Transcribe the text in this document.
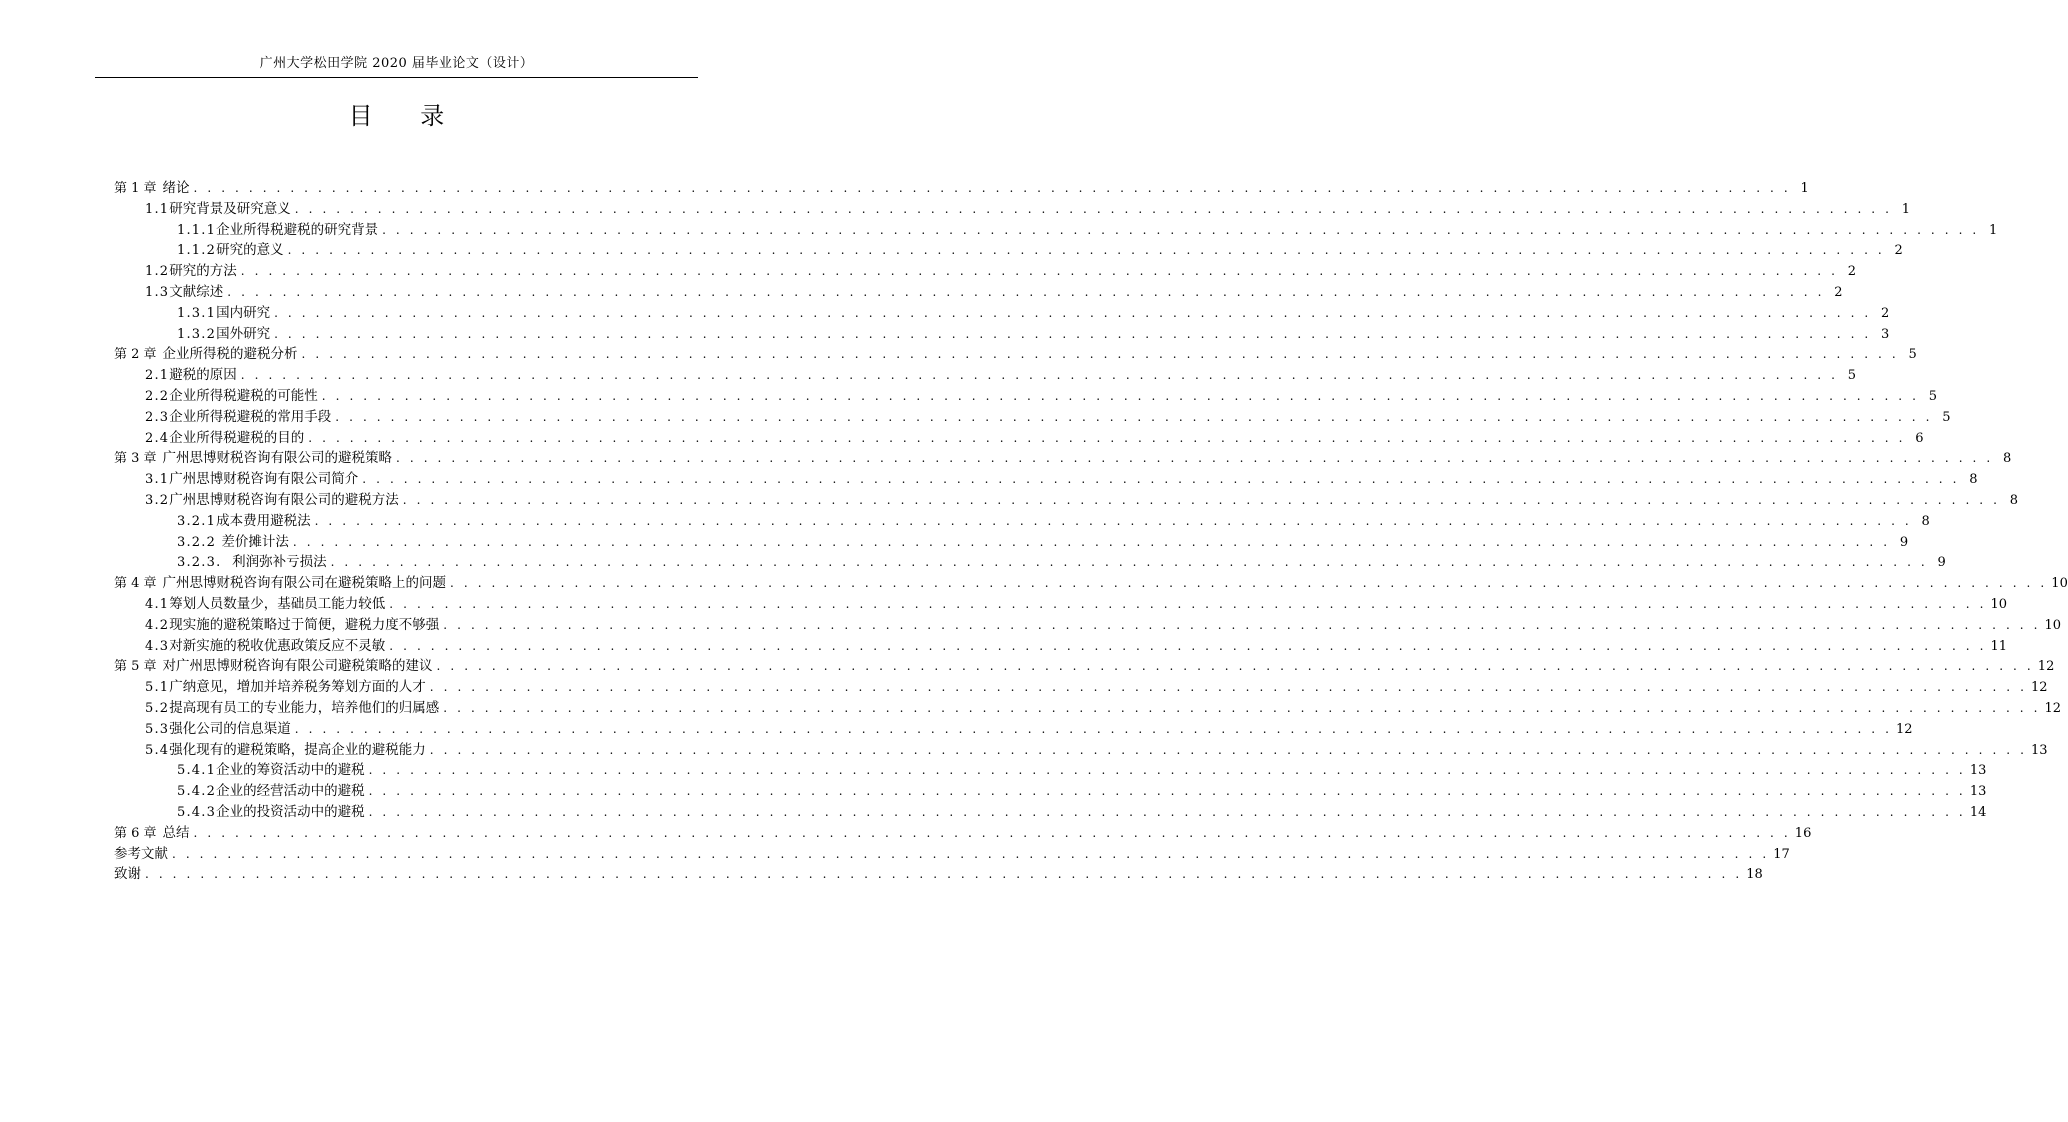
广州大学松田学院 2020 届毕业论文（设计）
目 录
第 1 章 绪论 . . . . . . . . . . . . . . . . . . . . . . . . . . . . . . . . . . . . . . . . . . . . . . . . . . . . . . . . . . . . . . . . . . . . . . . . . . . . . . . . . . . . . . . . . . . . . . . . . . . . . . . . . . . . . . . . . . . . 1
1.1 研究背景及研究意义 . . . . . . . . . . . . . . . . . . . . . . . . . . . . . . . . . . . . . . . . . . . . . . . . . . . . . . . . . . . . . . . . . . . . . . . . . . . . . . . . . . . . . . . . . . . . . . . . . . . . . . . . . . . . . . . . . . . . 1
1.1.1 企业所得税避税的研究背景 . . . . . . . . . . . . . . . . . . . . . . . . . . . . . . . . . . . . . . . . . . . . . . . . . . . . . . . . . . . . . . . . . . . . . . . . . . . . . . . . . . . . . . . . . . . . . . . . . . . . . . . . . . . . . . . . . . . . 1
1.1.2 研究的意义 . . . . . . . . . . . . . . . . . . . . . . . . . . . . . . . . . . . . . . . . . . . . . . . . . . . . . . . . . . . . . . . . . . . . . . . . . . . . . . . . . . . . . . . . . . . . . . . . . . . . . . . . . . . . . . . . . . . . 2
1.2 研究的方法 . . . . . . . . . . . . . . . . . . . . . . . . . . . . . . . . . . . . . . . . . . . . . . . . . . . . . . . . . . . . . . . . . . . . . . . . . . . . . . . . . . . . . . . . . . . . . . . . . . . . . . . . . . . . . . . . . . . . 2
1.3 文献综述 . . . . . . . . . . . . . . . . . . . . . . . . . . . . . . . . . . . . . . . . . . . . . . . . . . . . . . . . . . . . . . . . . . . . . . . . . . . . . . . . . . . . . . . . . . . . . . . . . . . . . . . . . . . . . . . . . . . . 2
1.3.1 国内研究 . . . . . . . . . . . . . . . . . . . . . . . . . . . . . . . . . . . . . . . . . . . . . . . . . . . . . . . . . . . . . . . . . . . . . . . . . . . . . . . . . . . . . . . . . . . . . . . . . . . . . . . . . . . . . . . . . . . . 2
1.3.2 国外研究 . . . . . . . . . . . . . . . . . . . . . . . . . . . . . . . . . . . . . . . . . . . . . . . . . . . . . . . . . . . . . . . . . . . . . . . . . . . . . . . . . . . . . . . . . . . . . . . . . . . . . . . . . . . . . . . . . . . . 3
第 2 章 企业所得税的避税分析 . . . . . . . . . . . . . . . . . . . . . . . . . . . . . . . . . . . . . . . . . . . . . . . . . . . . . . . . . . . . . . . . . . . . . . . . . . . . . . . . . . . . . . . . . . . . . . . . . . . . . . . . . . . . . . . . . . . . 5
2.1 避税的原因 . . . . . . . . . . . . . . . . . . . . . . . . . . . . . . . . . . . . . . . . . . . . . . . . . . . . . . . . . . . . . . . . . . . . . . . . . . . . . . . . . . . . . . . . . . . . . . . . . . . . . . . . . . . . . . . . . . . . 5
2.2 企业所得税避税的可能性 . . . . . . . . . . . . . . . . . . . . . . . . . . . . . . . . . . . . . . . . . . . . . . . . . . . . . . . . . . . . . . . . . . . . . . . . . . . . . . . . . . . . . . . . . . . . . . . . . . . . . . . . . . . . . . . . . . . . 5
2.3 企业所得税避税的常用手段 . . . . . . . . . . . . . . . . . . . . . . . . . . . . . . . . . . . . . . . . . . . . . . . . . . . . . . . . . . . . . . . . . . . . . . . . . . . . . . . . . . . . . . . . . . . . . . . . . . . . . . . . . . . . . . . . . . . . 5
2.4 企业所得税避税的目的 . . . . . . . . . . . . . . . . . . . . . . . . . . . . . . . . . . . . . . . . . . . . . . . . . . . . . . . . . . . . . . . . . . . . . . . . . . . . . . . . . . . . . . . . . . . . . . . . . . . . . . . . . . . . . . . . . . . . 6
第 3 章 广州思博财税咨询有限公司的避税策略 . . . . . . . . . . . . . . . . . . . . . . . . . . . . . . . . . . . . . . . . . . . . . . . . . . . . . . . . . . . . . . . . . . . . . . . . . . . . . . . . . . . . . . . . . . . . . . . . . . . . . . . . . . . . . . . . . . . . 8
3.1 广州思博财税咨询有限公司简介 . . . . . . . . . . . . . . . . . . . . . . . . . . . . . . . . . . . . . . . . . . . . . . . . . . . . . . . . . . . . . . . . . . . . . . . . . . . . . . . . . . . . . . . . . . . . . . . . . . . . . . . . . . . . . . . . . . . . 8
3.2 广州思博财税咨询有限公司的避税方法 . . . . . . . . . . . . . . . . . . . . . . . . . . . . . . . . . . . . . . . . . . . . . . . . . . . . . . . . . . . . . . . . . . . . . . . . . . . . . . . . . . . . . . . . . . . . . . . . . . . . . . . . . . . . . . . . . . . . 8
3.2.1 成本费用避税法 . . . . . . . . . . . . . . . . . . . . . . . . . . . . . . . . . . . . . . . . . . . . . . . . . . . . . . . . . . . . . . . . . . . . . . . . . . . . . . . . . . . . . . . . . . . . . . . . . . . . . . . . . . . . . . . . . . . . 8
3.2.2 差价摊计法 . . . . . . . . . . . . . . . . . . . . . . . . . . . . . . . . . . . . . . . . . . . . . . . . . . . . . . . . . . . . . . . . . . . . . . . . . . . . . . . . . . . . . . . . . . . . . . . . . . . . . . . . . . . . . . . . . . . . 9
3.2.3. 利润弥补亏损法 . . . . . . . . . . . . . . . . . . . . . . . . . . . . . . . . . . . . . . . . . . . . . . . . . . . . . . . . . . . . . . . . . . . . . . . . . . . . . . . . . . . . . . . . . . . . . . . . . . . . . . . . . . . . . . . . . . . . 9
第 4 章 广州思博财税咨询有限公司在避税策略上的问题 . . . . . . . . . . . . . . . . . . . . . . . . . . . . . . . . . . . . . . . . . . . . . . . . . . . . . . . . . . . . . . . . . . . . . . . . . . . . . . . . . . . . . . . . . . . . . . . . . . . . . . . . . . . . . . . . . . . . 10
4.1 筹划人员数量少，基础员工能力较低 . . . . . . . . . . . . . . . . . . . . . . . . . . . . . . . . . . . . . . . . . . . . . . . . . . . . . . . . . . . . . . . . . . . . . . . . . . . . . . . . . . . . . . . . . . . . . . . . . . . . . . . . . . . . . . . . . . . . 10
4.2 现实施的避税策略过于简便，避税力度不够强 . . . . . . . . . . . . . . . . . . . . . . . . . . . . . . . . . . . . . . . . . . . . . . . . . . . . . . . . . . . . . . . . . . . . . . . . . . . . . . . . . . . . . . . . . . . . . . . . . . . . . . . . . . . . . . . . . . . . 10
4.3 对新实施的税收优惠政策反应不灵敏 . . . . . . . . . . . . . . . . . . . . . . . . . . . . . . . . . . . . . . . . . . . . . . . . . . . . . . . . . . . . . . . . . . . . . . . . . . . . . . . . . . . . . . . . . . . . . . . . . . . . . . . . . . . . . . . . . . . . 11
第 5 章 对广州思博财税咨询有限公司避税策略的建议 . . . . . . . . . . . . . . . . . . . . . . . . . . . . . . . . . . . . . . . . . . . . . . . . . . . . . . . . . . . . . . . . . . . . . . . . . . . . . . . . . . . . . . . . . . . . . . . . . . . . . . . . . . . . . . . . . . . . 12
5.1 广纳意见，增加并培养税务筹划方面的人才 . . . . . . . . . . . . . . . . . . . . . . . . . . . . . . . . . . . . . . . . . . . . . . . . . . . . . . . . . . . . . . . . . . . . . . . . . . . . . . . . . . . . . . . . . . . . . . . . . . . . . . . . . . . . . . . . . . . . 12
5.2 提高现有员工的专业能力，培养他们的归属感 . . . . . . . . . . . . . . . . . . . . . . . . . . . . . . . . . . . . . . . . . . . . . . . . . . . . . . . . . . . . . . . . . . . . . . . . . . . . . . . . . . . . . . . . . . . . . . . . . . . . . . . . . . . . . . . . . . . . 12
5.3 强化公司的信息渠道 . . . . . . . . . . . . . . . . . . . . . . . . . . . . . . . . . . . . . . . . . . . . . . . . . . . . . . . . . . . . . . . . . . . . . . . . . . . . . . . . . . . . . . . . . . . . . . . . . . . . . . . . . . . . . . . . . . . . 12
5.4 强化现有的避税策略，提高企业的避税能力 . . . . . . . . . . . . . . . . . . . . . . . . . . . . . . . . . . . . . . . . . . . . . . . . . . . . . . . . . . . . . . . . . . . . . . . . . . . . . . . . . . . . . . . . . . . . . . . . . . . . . . . . . . . . . . . . . . . . 13
5.4.1 企业的筹资活动中的避税 . . . . . . . . . . . . . . . . . . . . . . . . . . . . . . . . . . . . . . . . . . . . . . . . . . . . . . . . . . . . . . . . . . . . . . . . . . . . . . . . . . . . . . . . . . . . . . . . . . . . . . . . . . . . . . . . . . . . 13
5.4.2 企业的经营活动中的避税 . . . . . . . . . . . . . . . . . . . . . . . . . . . . . . . . . . . . . . . . . . . . . . . . . . . . . . . . . . . . . . . . . . . . . . . . . . . . . . . . . . . . . . . . . . . . . . . . . . . . . . . . . . . . . . . . . . . . 13
5.4.3 企业的投资活动中的避税 . . . . . . . . . . . . . . . . . . . . . . . . . . . . . . . . . . . . . . . . . . . . . . . . . . . . . . . . . . . . . . . . . . . . . . . . . . . . . . . . . . . . . . . . . . . . . . . . . . . . . . . . . . . . . . . . . . . . 14
第 6 章 总结 . . . . . . . . . . . . . . . . . . . . . . . . . . . . . . . . . . . . . . . . . . . . . . . . . . . . . . . . . . . . . . . . . . . . . . . . . . . . . . . . . . . . . . . . . . . . . . . . . . . . . . . . . . . . . . . . . . . . 16
参考文献 . . . . . . . . . . . . . . . . . . . . . . . . . . . . . . . . . . . . . . . . . . . . . . . . . . . . . . . . . . . . . . . . . . . . . . . . . . . . . . . . . . . . . . . . . . . . . . . . . . . . . . . . . . . . . . . . . . . . 17
致谢 . . . . . . . . . . . . . . . . . . . . . . . . . . . . . . . . . . . . . . . . . . . . . . . . . . . . . . . . . . . . . . . . . . . . . . . . . . . . . . . . . . . . . . . . . . . . . . . . . . . . . . . . . . . . . . . . . . . . 18
